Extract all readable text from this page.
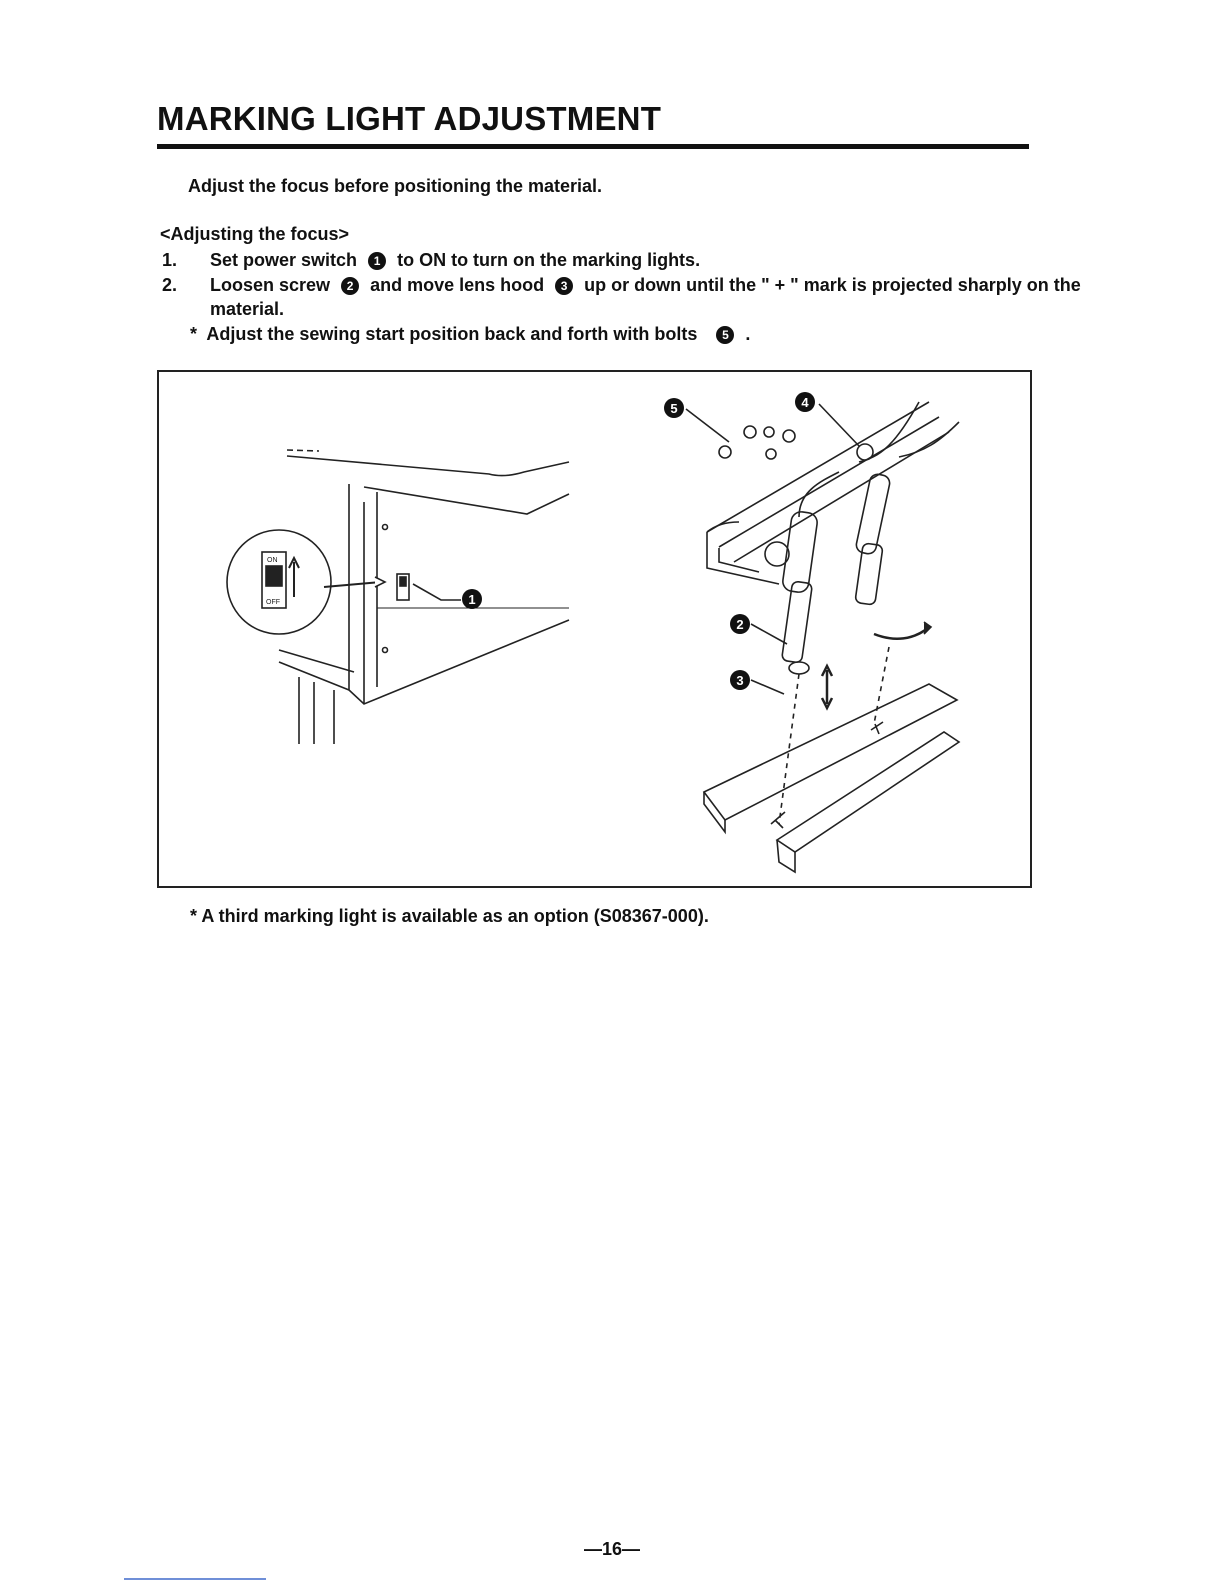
MARKING LIGHT ADJUSTMENT
Adjust the focus before positioning the material.
<Adjusting the focus>
1. Set power switch 1 to ON to turn on the marking lights.
2. Loosen screw 2 and move lens hood 3 up or down until the " + " mark is projected sharply on the
material.
* Adjust the sewing start position back and forth with bolts 5 .
1
2
3
4
5
ON
OFF
* A third marking light is available as an option (S08367-000).
—16—
